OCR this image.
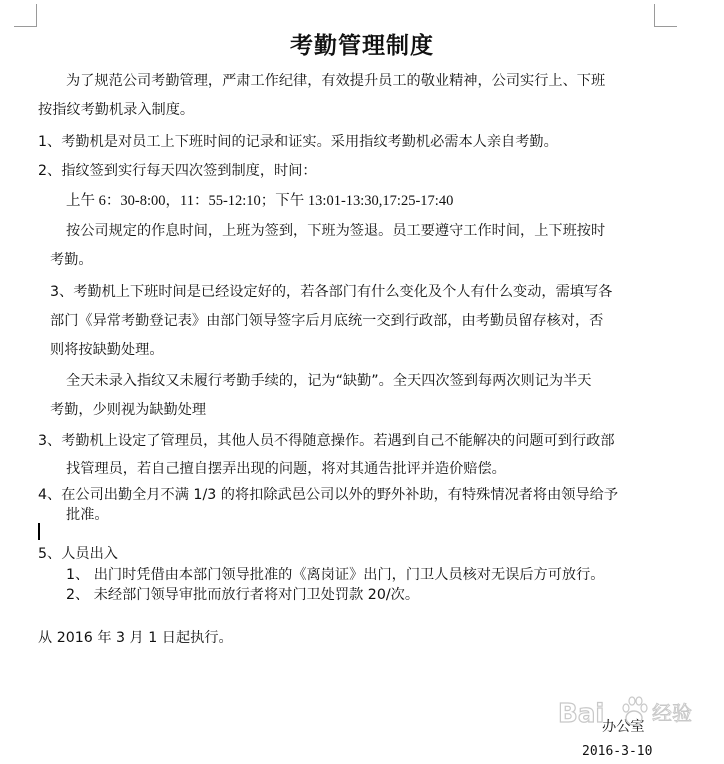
考勤管理制度
为了规范公司考勤管理，严肃工作纪律，有效提升员工的敬业精神，公司实行上、下班
按指纹考勤机录入制度。
1、考勤机是对员工上下班时间的记录和证实。采用指纹考勤机必需本人亲自考勤。
2、指纹签到实行每天四次签到制度，时间：
上午 6：30-8:00，11：55-12:10；下午 13:01-13:30,17:25-17:40
按公司规定的作息时间，上班为签到，下班为签退。员工要遵守工作时间，上下班按时
考勤。
3、考勤机上下班时间是已经设定好的，若各部门有什么变化及个人有什么变动，需填写各
部门《异常考勤登记表》由部门领导签字后月底统一交到行政部，由考勤员留存核对，否
则将按缺勤处理。
全天未录入指纹又未履行考勤手续的，记为“缺勤”。全天四次签到每两次则记为半天
考勤，少则视为缺勤处理
3、考勤机上设定了管理员，其他人员不得随意操作。若遇到自己不能解决的问题可到行政部
找管理员，若自己擅自摆弄出现的问题，将对其通告批评并造价赔偿。
4、在公司出勤全月不满 1/3 的将扣除武邑公司以外的野外补助，有特殊情况者将由领导给予
批准。
5、人员出入
1、 出门时凭借由本部门领导批准的《离岗证》出门，门卫人员核对无误后方可放行。
2、 未经部门领导审批而放行者将对门卫处罚款 20/次。
从 2016 年 3 月 1 日起执行。
办公室
2016-3-10
Bai 经验
